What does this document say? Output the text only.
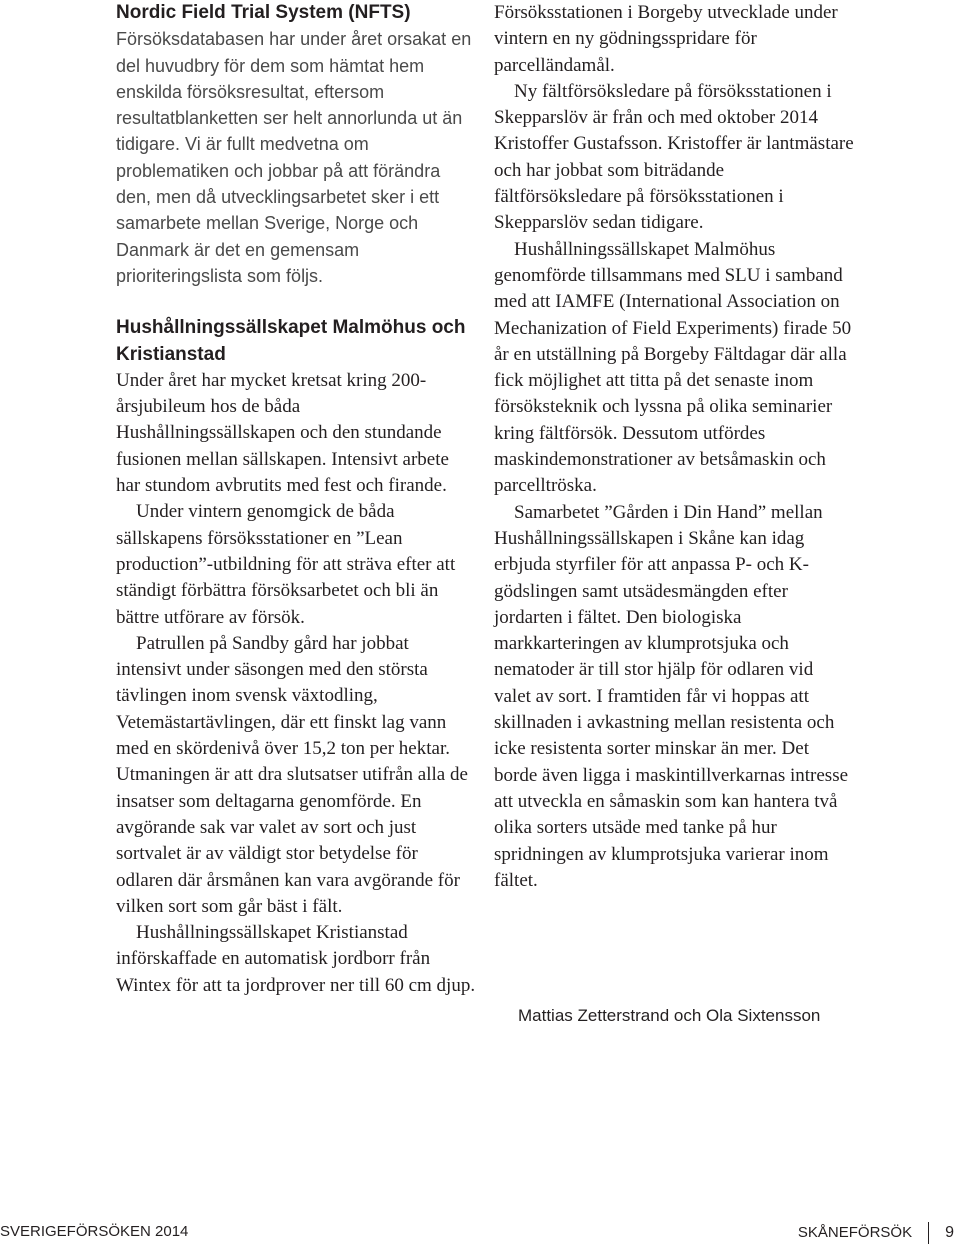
Nordic Field Trial System (NFTS)

Försöksdatabasen har under året orsakat en del huvudbry för dem som hämtat hem enskilda försöksresultat, eftersom resultatblanketten ser helt annorlunda ut än tidigare. Vi är fullt medvetna om problematiken och jobbar på att förändra den, men då utvecklingsarbetet sker i ett samarbete mellan Sverige, Norge och Danmark är det en gemensam prioriteringslista som följs.

Hushållningssällskapet Malmöhus och Kristianstad

Under året har mycket kretsat kring 200-årsjubileum hos de båda Hushållningssällskapen och den stundande fusionen mellan sällskapen. Intensivt arbete har stundom avbrutits med fest och firande.

Under vintern genomgick de båda sällskapens försöksstationer en ”Lean production”-utbildning för att sträva efter att ständigt förbättra försöksarbetet och bli än bättre utförare av försök.

Patrullen på Sandby gård har jobbat intensivt under säsongen med den största tävlingen inom svensk växtodling, Vetemästartävlingen, där ett finskt lag vann med en skördenivå över 15,2 ton per hektar. Utmaningen är att dra slutsatser utifrån alla de insatser som deltagarna genomförde. En avgörande sak var valet av sort och just sortvalet är av väldigt stor betydelse för odlaren där årsmånen kan vara avgörande för vilken sort som går bäst i fält.

Hushållningssällskapet Kristianstad införskaffade en automatisk jordborr från Wintex för att ta jordprover ner till 60 cm djup.

Försöksstationen i Borgeby utvecklade under vintern en ny gödningsspridare för parcelländamål.

Ny fältförsöksledare på försöksstationen i Skepparslöv är från och med oktober 2014 Kristoffer Gustafsson. Kristoffer är lantmästare och har jobbat som biträdande fältförsöksledare på försöksstationen i Skepparslöv sedan tidigare.

Hushållningssällskapet Malmöhus genomförde tillsammans med SLU i samband med att IAMFE (International Association on Mechanization of Field Experiments) firade 50 år en utställning på Borgeby Fältdagar där alla fick möjlighet att titta på det senaste inom försöksteknik och lyssna på olika seminarier kring fältförsök. Dessutom utfördes maskindemonstrationer av betsåmaskin och parcelltröska.

Samarbetet ”Gården i Din Hand” mellan Hushållningssällskapen i Skåne kan idag erbjuda styrfiler för att anpassa P- och K-gödslingen samt utsädesmängden efter jordarten i fältet. Den biologiska markkarteringen av klumprotsjuka och nematoder är till stor hjälp för odlaren vid valet av sort. I framtiden får vi hoppas att skillnaden i avkastning mellan resistenta och icke resistenta sorter minskar än mer. Det borde även ligga i maskintillverkarnas intresse att utveckla en såmaskin som kan hantera två olika sorters utsäde med tanke på hur spridningen av klumprotsjuka varierar inom fältet.

Mattias Zetterstrand och Ola Sixtensson
SVERIGEFÖRSÖKEN 2014	SKÅNEFÖRSÖK 9
